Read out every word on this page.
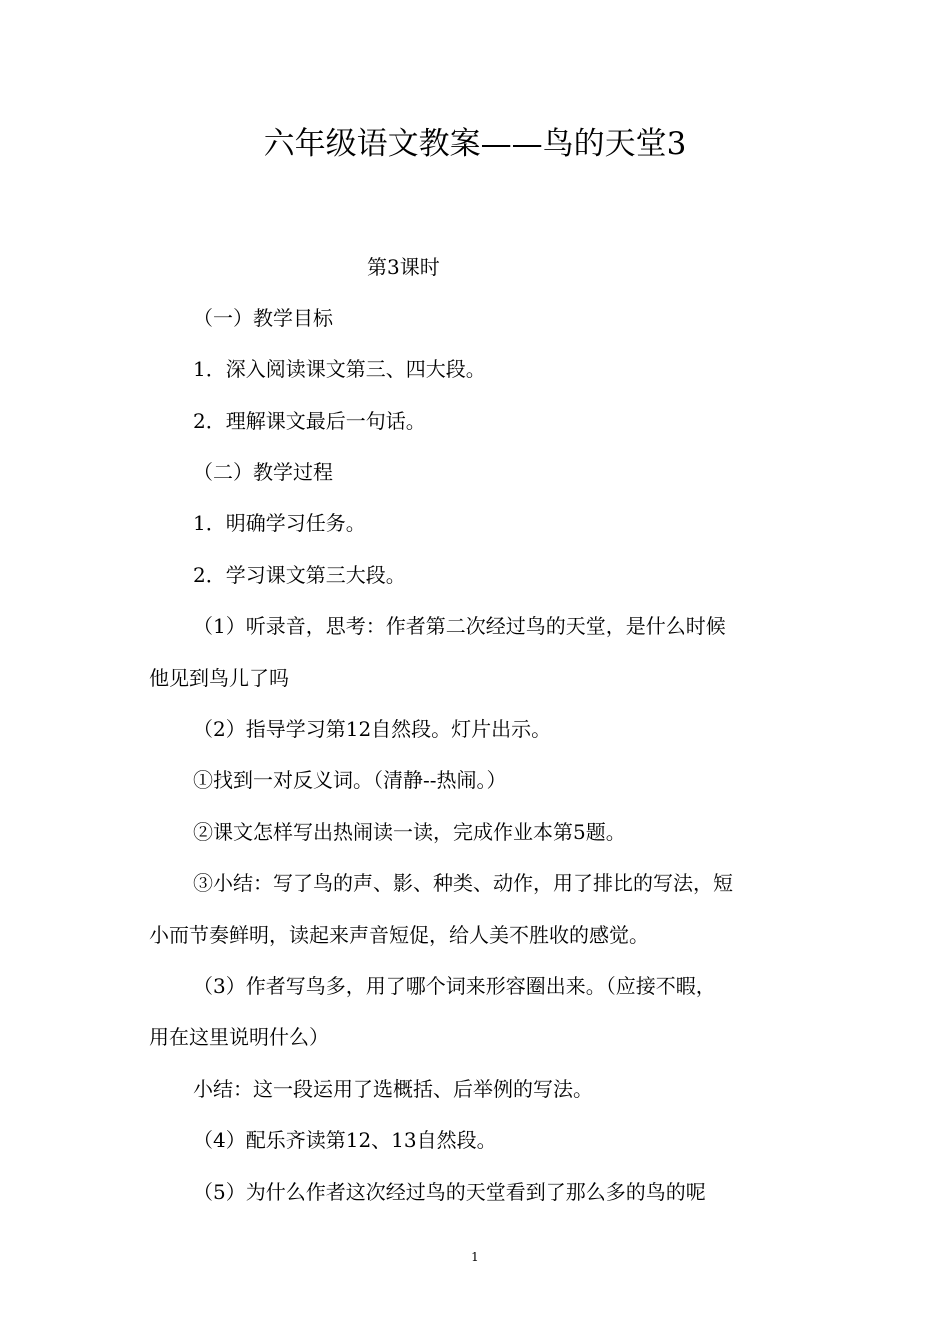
六年级语文教案——鸟的天堂3
第3课时
（一）教学目标
1．深入阅读课文第三、四大段。
2．理解课文最后一句话。
（二）教学过程
1．明确学习任务。
2．学习课文第三大段。
（1）听录音，思考：作者第二次经过鸟的天堂，是什么时候
他见到鸟儿了吗
（2）指导学习第12自然段。灯片出示。
①找到一对反义词。（清静--热闹。）
②课文怎样写出热闹读一读，完成作业本第5题。
③小结：写了鸟的声、影、种类、动作，用了排比的写法，短
小而节奏鲜明，读起来声音短促，给人美不胜收的感觉。
（3）作者写鸟多，用了哪个词来形容圈出来。（应接不暇，
用在这里说明什么）
小结：这一段运用了选概括、后举例的写法。
（4）配乐齐读第12、13自然段。
（5）为什么作者这次经过鸟的天堂看到了那么多的鸟的呢
1
